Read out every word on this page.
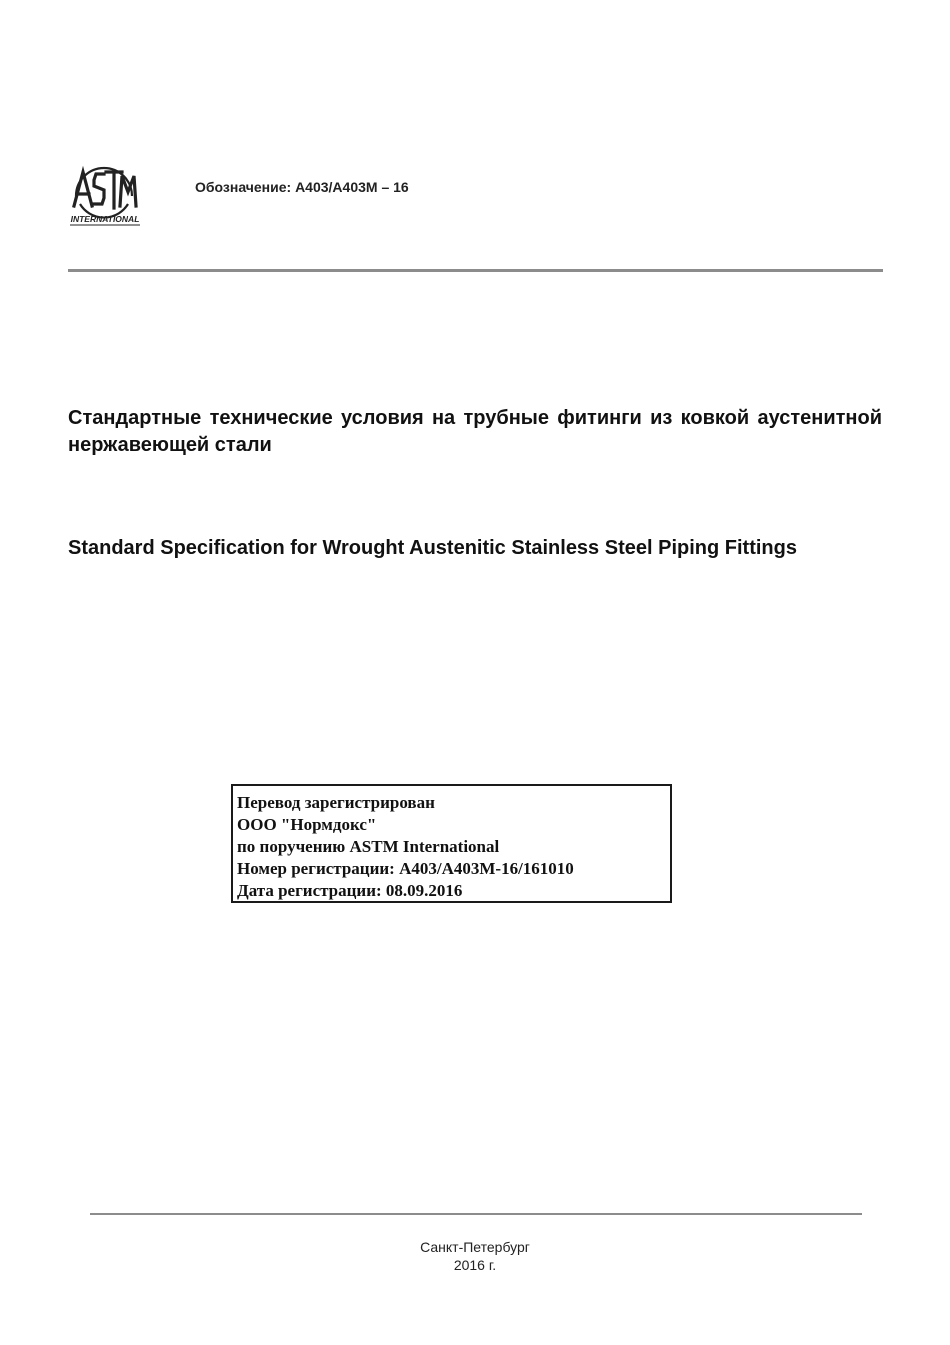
INTERNATIONAL
Обозначение: A403/A403M – 16
Стандартные технические условия на трубные фитинги из ковкой аустенитной нержавеющей стали
Standard Specification for Wrought Austenitic Stainless Steel Piping Fittings
Перевод зарегистрирован
ООО "Нормдокс"
по поручению ASTM International
Номер регистрации: A403/A403M-16/161010
Дата регистрации: 08.09.2016
Санкт-Петербург
2016 г.
